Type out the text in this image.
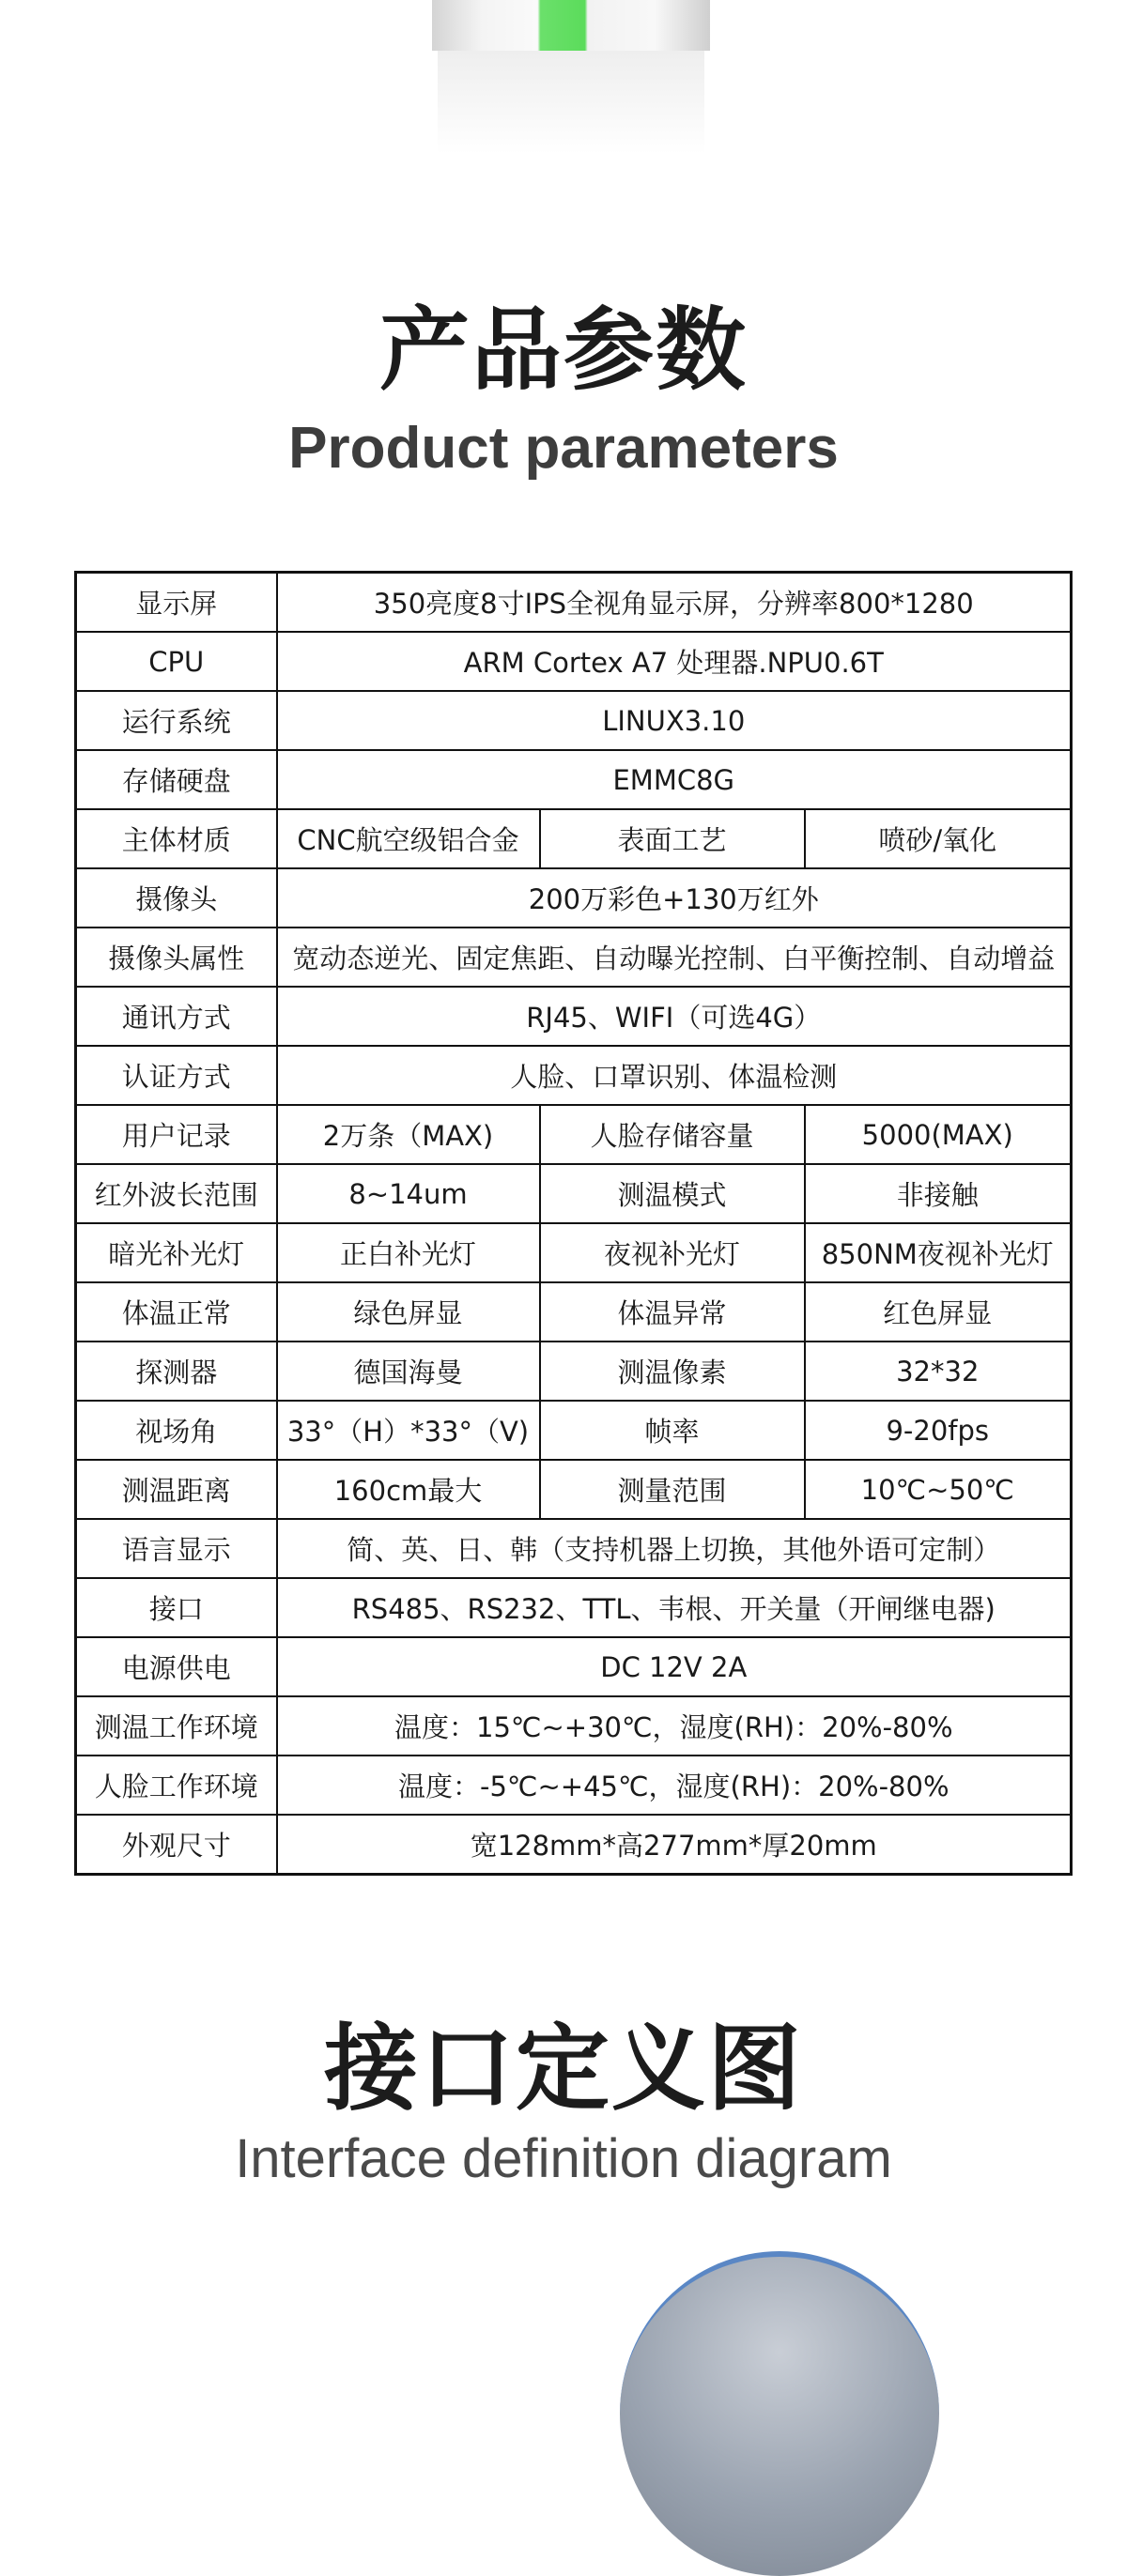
产品参数
Product parameters
显示屏	350亮度8寸IPS全视角显示屏，分辨率800*1280		
CPU	ARM Cortex A7 处理器.NPU0.6T		
运行系统	LINUX3.10		
存储硬盘	EMMC8G		
主体材质	CNC航空级铝合金	表面工艺	喷砂/氧化
摄像头	200万彩色+130万红外		
摄像头属性	宽动态逆光、固定焦距、自动曝光控制、白平衡控制、自动增益		
通讯方式	RJ45、WIFI（可选4G）		
认证方式	人脸、口罩识别、体温检测		
用户记录	2万条（MAX)	人脸存储容量	5000(MAX)
红外波长范围	8~14um	测温模式	非接触
暗光补光灯	正白补光灯	夜视补光灯	850NM夜视补光灯
体温正常	绿色屏显	体温异常	红色屏显
探测器	德国海曼	测温像素	32*32
视场角	33°（H）*33°（V)	帧率	9-20fps
测温距离	160cm最大	测量范围	10℃~50℃
语言显示	简、英、日、韩（支持机器上切换，其他外语可定制）		
接口	RS485、RS232、TTL、韦根、开关量（开闸继电器)		
电源供电	DC 12V 2A		
测温工作环境	温度：15℃~+30℃，湿度(RH)：20%-80%		
人脸工作环境	温度：-5℃~+45℃，湿度(RH)：20%-80%		
外观尺寸	宽128mm*高277mm*厚20mm		
接口定义图
Interface definition diagram
